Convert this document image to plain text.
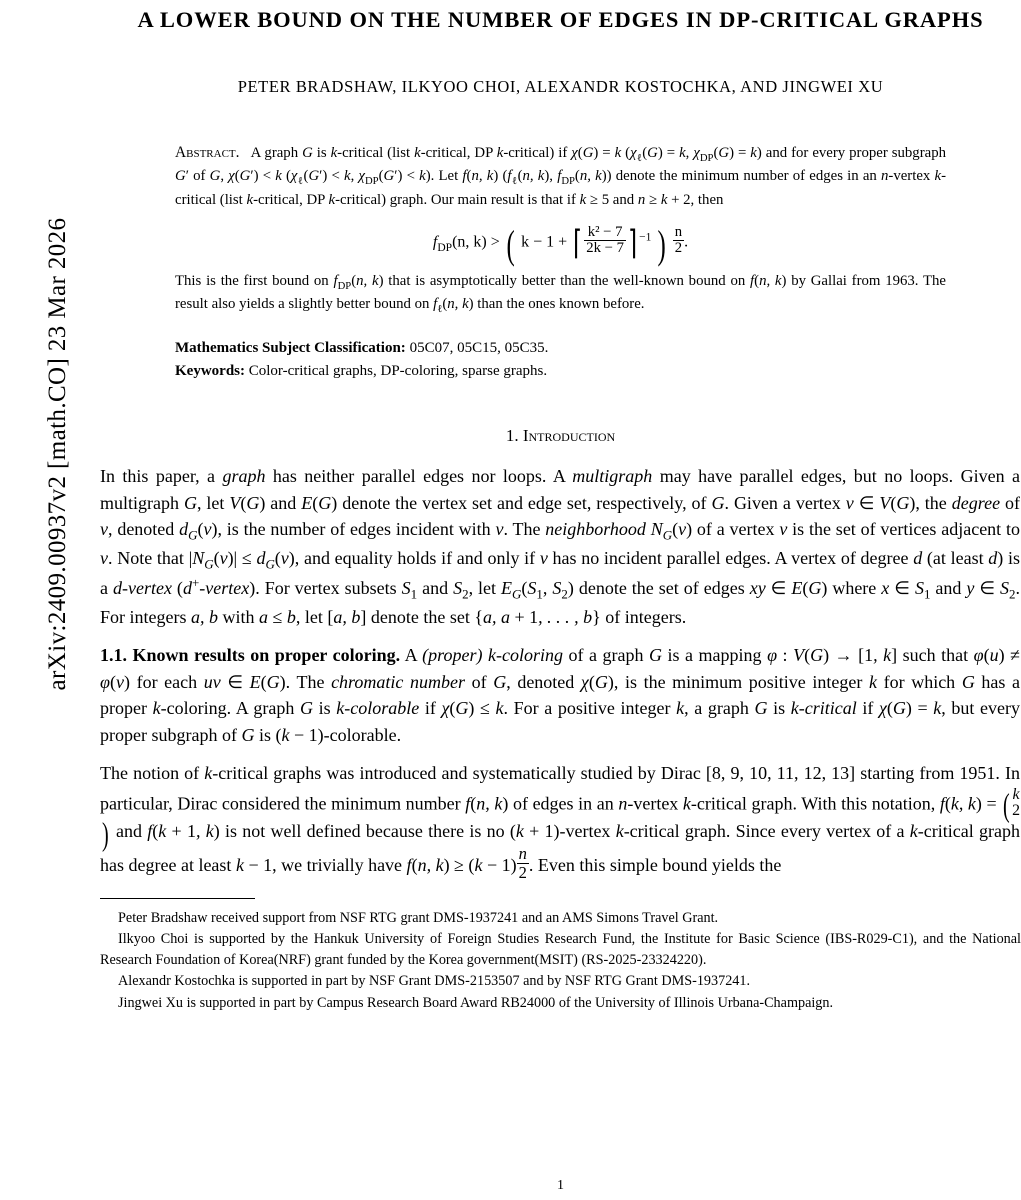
arXiv:2409.00937v2 [math.CO] 23 Mar 2026
A LOWER BOUND ON THE NUMBER OF EDGES IN DP-CRITICAL GRAPHS
PETER BRADSHAW, ILKYOO CHOI, ALEXANDR KOSTOCHKA, AND JINGWEI XU
Abstract.   A graph G is k-critical (list k-critical, DP k-critical) if χ(G) = k ($\chi_\ell(G) = k$, $\chi_{DP}(G) = k$) and for every proper subgraph G′ of G, χ(G′) < k ($\chi_\ell(G') < k$, $\chi_{DP}(G') < k$). Let f(n, k) ($f_\ell(n$, k), $f_{DP}(n$, k)) denote the minimum number of edges in an n-vertex k-critical (list k-critical, DP k-critical) graph. Our main result is that if k ≥ 5 and n ≥ k + 2, then
$f_{DP}(n$, k) > ( k − 1 + ⌈ $\frac{\text{k² − 7}}{2k - 7}$ ⌉ $^{-1}$ ) $\frac{n}{2}$ .
This is the first bound on $f_{DP}(n$, k) that is asymptotically better than the well-known bound on f(n, k) by Gallai from 1963. The result also yields a slightly better bound on $f_\ell(n$, k) than the ones known before.
Mathematics Subject Classification: 05C07, 05C15, 05C35.
Keywords: Color-critical graphs, DP-coloring, sparse graphs.
1. Introduction

In this paper, a graph has neither parallel edges nor loops. A multigraph may have parallel edges, but no loops. Given a multigraph G, let V(G) and E(G) denote the vertex set and edge set, respectively, of G. Given a vertex v ∈ V(G), the degree of v, denoted $d_G(v)$, is the number of edges incident with v. The neighborhood $N_G(v)$ of a vertex v is the set of vertices adjacent to v. Note that $|N_G(v)| \le d_G(v)$, and equality holds if and only if v has no incident parallel edges. A vertex of degree d (at least d) is a d-vertex (d+-vertex). For vertex subsets $S_1$ and $S_2$, let $E_G(S_1$, $S_2$) denote the set of edges xy ∈ E(G) where x ∈ $S_1$ and y ∈ $S_2$. For integers a, b with a ≤ b, let [a, b] denote the set {a, a + 1, . . . , b} of integers.

1.1. Known results on proper coloring. A (proper) k-coloring of a graph G is a mapping φ : V(G) → [1, k] such that φ(u) ≠ φ(v) for each uv ∈ E(G). The chromatic number of G, denoted χ(G), is the minimum positive integer k for which G has a proper k-coloring. A graph G is k-colorable if χ(G) ≤ k. For a positive integer k, a graph G is k-critical if χ(G) = k, but every proper subgraph of G is (k − 1)-colorable.

The notion of k-critical graphs was introduced and systematically studied by Dirac [8, 9, 10, 11, 12, 13] starting from 1951. In particular, Dirac considered the minimum number f(n, k) of edges in an n-vertex k-critical graph. With this notation, f(k, k) = ( k
2
) and f(k + 1, k) is not well defined because there is no (k + 1)-vertex k-critical graph. Since every vertex of a k-critical graph has degree at least k − 1, we trivially have f(n, $k) \ge (k - 1) \frac{n}{2}$ . Even this simple bound yields the

Peter Bradshaw received support from NSF RTG grant DMS-1937241 and an AMS Simons Travel Grant.

Ilkyoo Choi is supported by the Hankuk University of Foreign Studies Research Fund, the Institute for Basic Science (IBS-R029-C1), and the National Research Foundation of Korea(NRF) grant funded by the Korea government(MSIT) (RS-2025-23324220).

Alexandr Kostochka is supported in part by NSF Grant DMS-2153507 and by NSF RTG Grant DMS-1937241.

Jingwei Xu is supported in part by Campus Research Board Award RB24000 of the University of Illinois Urbana-Champaign.

1
